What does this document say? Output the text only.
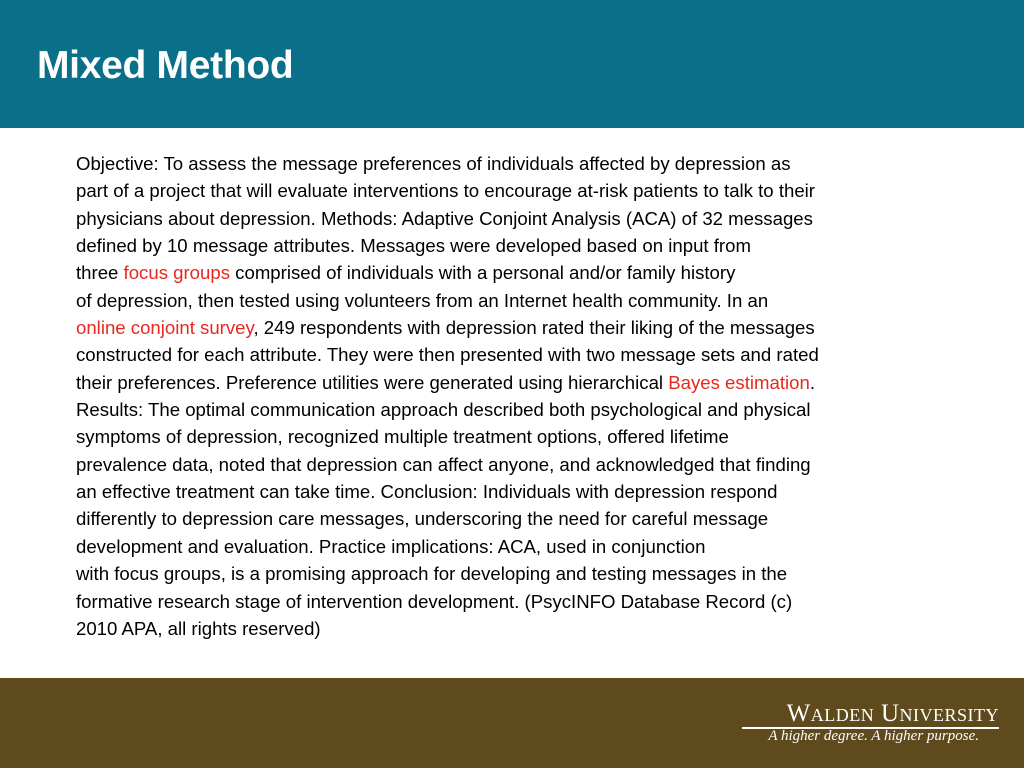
Mixed Method
Objective: To assess the message preferences of individuals affected by depression as
part of a project that will evaluate interventions to encourage at-risk patients to talk to their
physicians about depression. Methods: Adaptive Conjoint Analysis (ACA) of 32 messages
defined by 10 message attributes. Messages were developed based on input from
three focus groups comprised of individuals with a personal and/or family history
of depression, then tested using volunteers from an Internet health community. In an
online conjoint survey, 249 respondents with depression rated their liking of the messages
constructed for each attribute. They were then presented with two message sets and rated
their preferences. Preference utilities were generated using hierarchical Bayes estimation.
Results: The optimal communication approach described both psychological and physical
symptoms of depression, recognized multiple treatment options, offered lifetime
prevalence data, noted that depression can affect anyone, and acknowledged that finding
an effective treatment can take time. Conclusion: Individuals with depression respond
differently to depression care messages, underscoring the need for careful message
development and evaluation. Practice implications: ACA, used in conjunction
with focus groups, is a promising approach for developing and testing messages in the
formative research stage of intervention development. (PsycINFO Database Record (c)
2010 APA, all rights reserved)
Walden University
A higher degree. A higher purpose.
